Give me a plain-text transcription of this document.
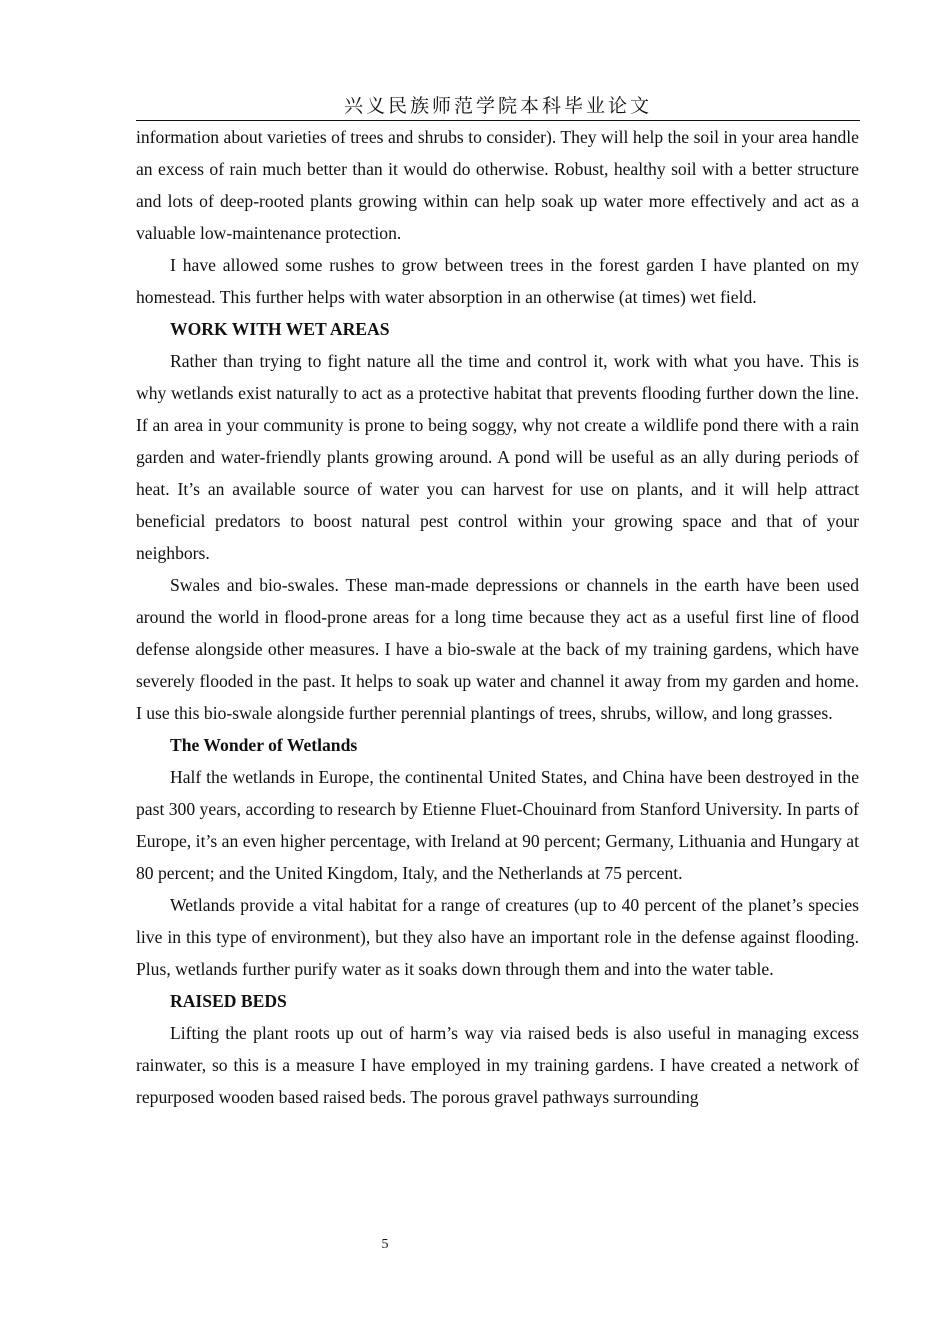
兴义民族师范学院本科毕业论文

information about varieties of trees and shrubs to consider). They will help the soil in your area handle an excess of rain much better than it would do otherwise. Robust, healthy soil with a better structure and lots of deep-rooted plants growing within can help soak up water more effectively and act as a valuable low-maintenance protection.

I have allowed some rushes to grow between trees in the forest garden I have planted on my homestead. This further helps with water absorption in an otherwise (at times) wet field.

WORK WITH WET AREAS

Rather than trying to fight nature all the time and control it, work with what you have. This is why wetlands exist naturally to act as a protective habitat that prevents flooding further down the line. If an area in your community is prone to being soggy, why not create a wildlife pond there with a rain garden and water-friendly plants growing around. A pond will be useful as an ally during periods of heat. It’s an available source of water you can harvest for use on plants, and it will help attract beneficial predators to boost natural pest control within your growing space and that of your neighbors.

Swales and bio-swales. These man-made depressions or channels in the earth have been used around the world in flood-prone areas for a long time because they act as a useful first line of flood defense alongside other measures. I have a bio-swale at the back of my training gardens, which have severely flooded in the past. It helps to soak up water and channel it away from my garden and home. I use this bio-swale alongside further perennial plantings of trees, shrubs, willow, and long grasses.

The Wonder of Wetlands

Half the wetlands in Europe, the continental United States, and China have been destroyed in the past 300 years, according to research by Etienne Fluet-Chouinard from Stanford University. In parts of Europe, it’s an even higher percentage, with Ireland at 90 percent; Germany, Lithuania and Hungary at 80 percent; and the United Kingdom, Italy, and the Netherlands at 75 percent.

Wetlands provide a vital habitat for a range of creatures (up to 40 percent of the planet’s species live in this type of environment), but they also have an important role in the defense against flooding. Plus, wetlands further purify water as it soaks down through them and into the water table.

RAISED BEDS

Lifting the plant roots up out of harm’s way via raised beds is also useful in managing excess rainwater, so this is a measure I have employed in my training gardens. I have created a network of repurposed wooden based raised beds. The porous gravel pathways surrounding

5
